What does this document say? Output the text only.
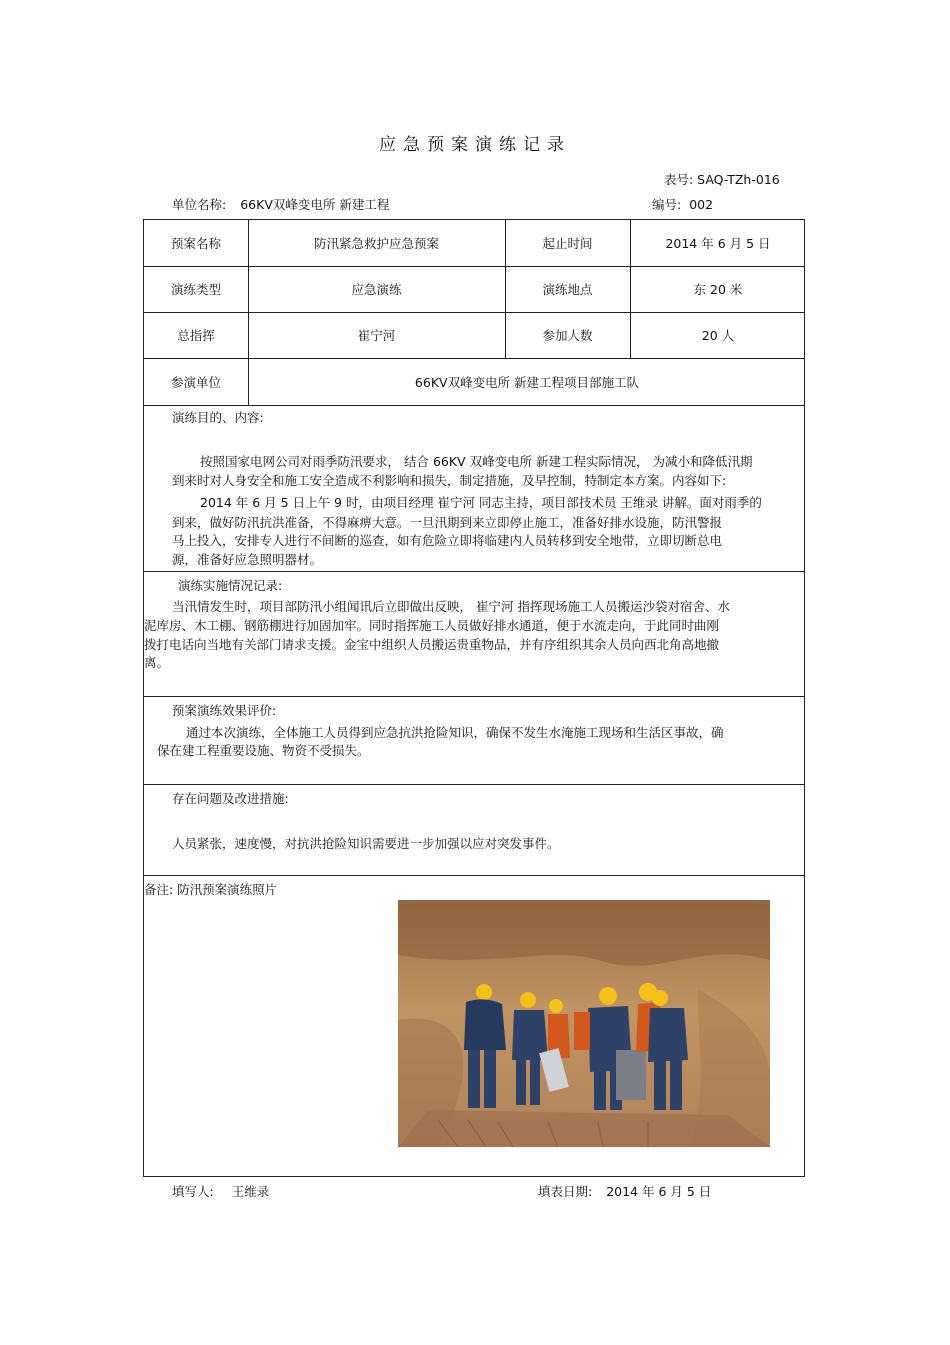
应急预案演练记录
表号: SAQ-TZh-016
单位名称: 66KV双峰变电所 新建工程	编号: 002
预案名称	防汛紧急救护应急预案	起止时间	2014 年 6 月 5 日
演练类型	应急演练	演练地点	东 20 米
总指挥	崔宁河	参加人数	20 人
参演单位	66KV双峰变电所 新建工程项目部施工队
演练目的、内容:
按照国家电网公司对雨季防汛要求， 结合 66KV 双峰变电所 新建工程实际情况， 为减小和降低汛期
到来时对人身安全和施工安全造成不利影响和损失，制定措施，及早控制，特制定本方案。内容如下:
2014 年 6 月 5 日上午 9 时，由项目经理 崔宁河 同志主持，项目部技术员 王维录 讲解。面对雨季的
到来，做好防汛抗洪准备，不得麻痹大意。一旦汛期到来立即停止施工，准备好排水设施，防汛警报
马上投入，安排专人进行不间断的巡查，如有危险立即将临建内人员转移到安全地带，立即切断总电
源，准备好应急照明器材。
演练实施情况记录:
当汛情发生时，项目部防汛小组闻讯后立即做出反映， 崔宁河 指挥现场施工人员搬运沙袋对宿舍、水
泥库房、木工棚、钢筋棚进行加固加牢。同时指挥施工人员做好排水通道，便于水流走向，于此同时曲刚
拨打电话向当地有关部门请求支援。金宝中组织人员搬运贵重物品，并有序组织其余人员向西北角高地撤
离。
预案演练效果评价:
通过本次演练，全体施工人员得到应急抗洪抢险知识，确保不发生水淹施工现场和生活区事故，确
保在建工程重要设施、物资不受损失。
存在问题及改进措施:
人员紧张，速度慢，对抗洪抢险知识需要进一步加强以应对突发事件。
备注: 防汛预案演练照片
填写人: 王维录	填表日期: 2014 年 6 月 5 日
